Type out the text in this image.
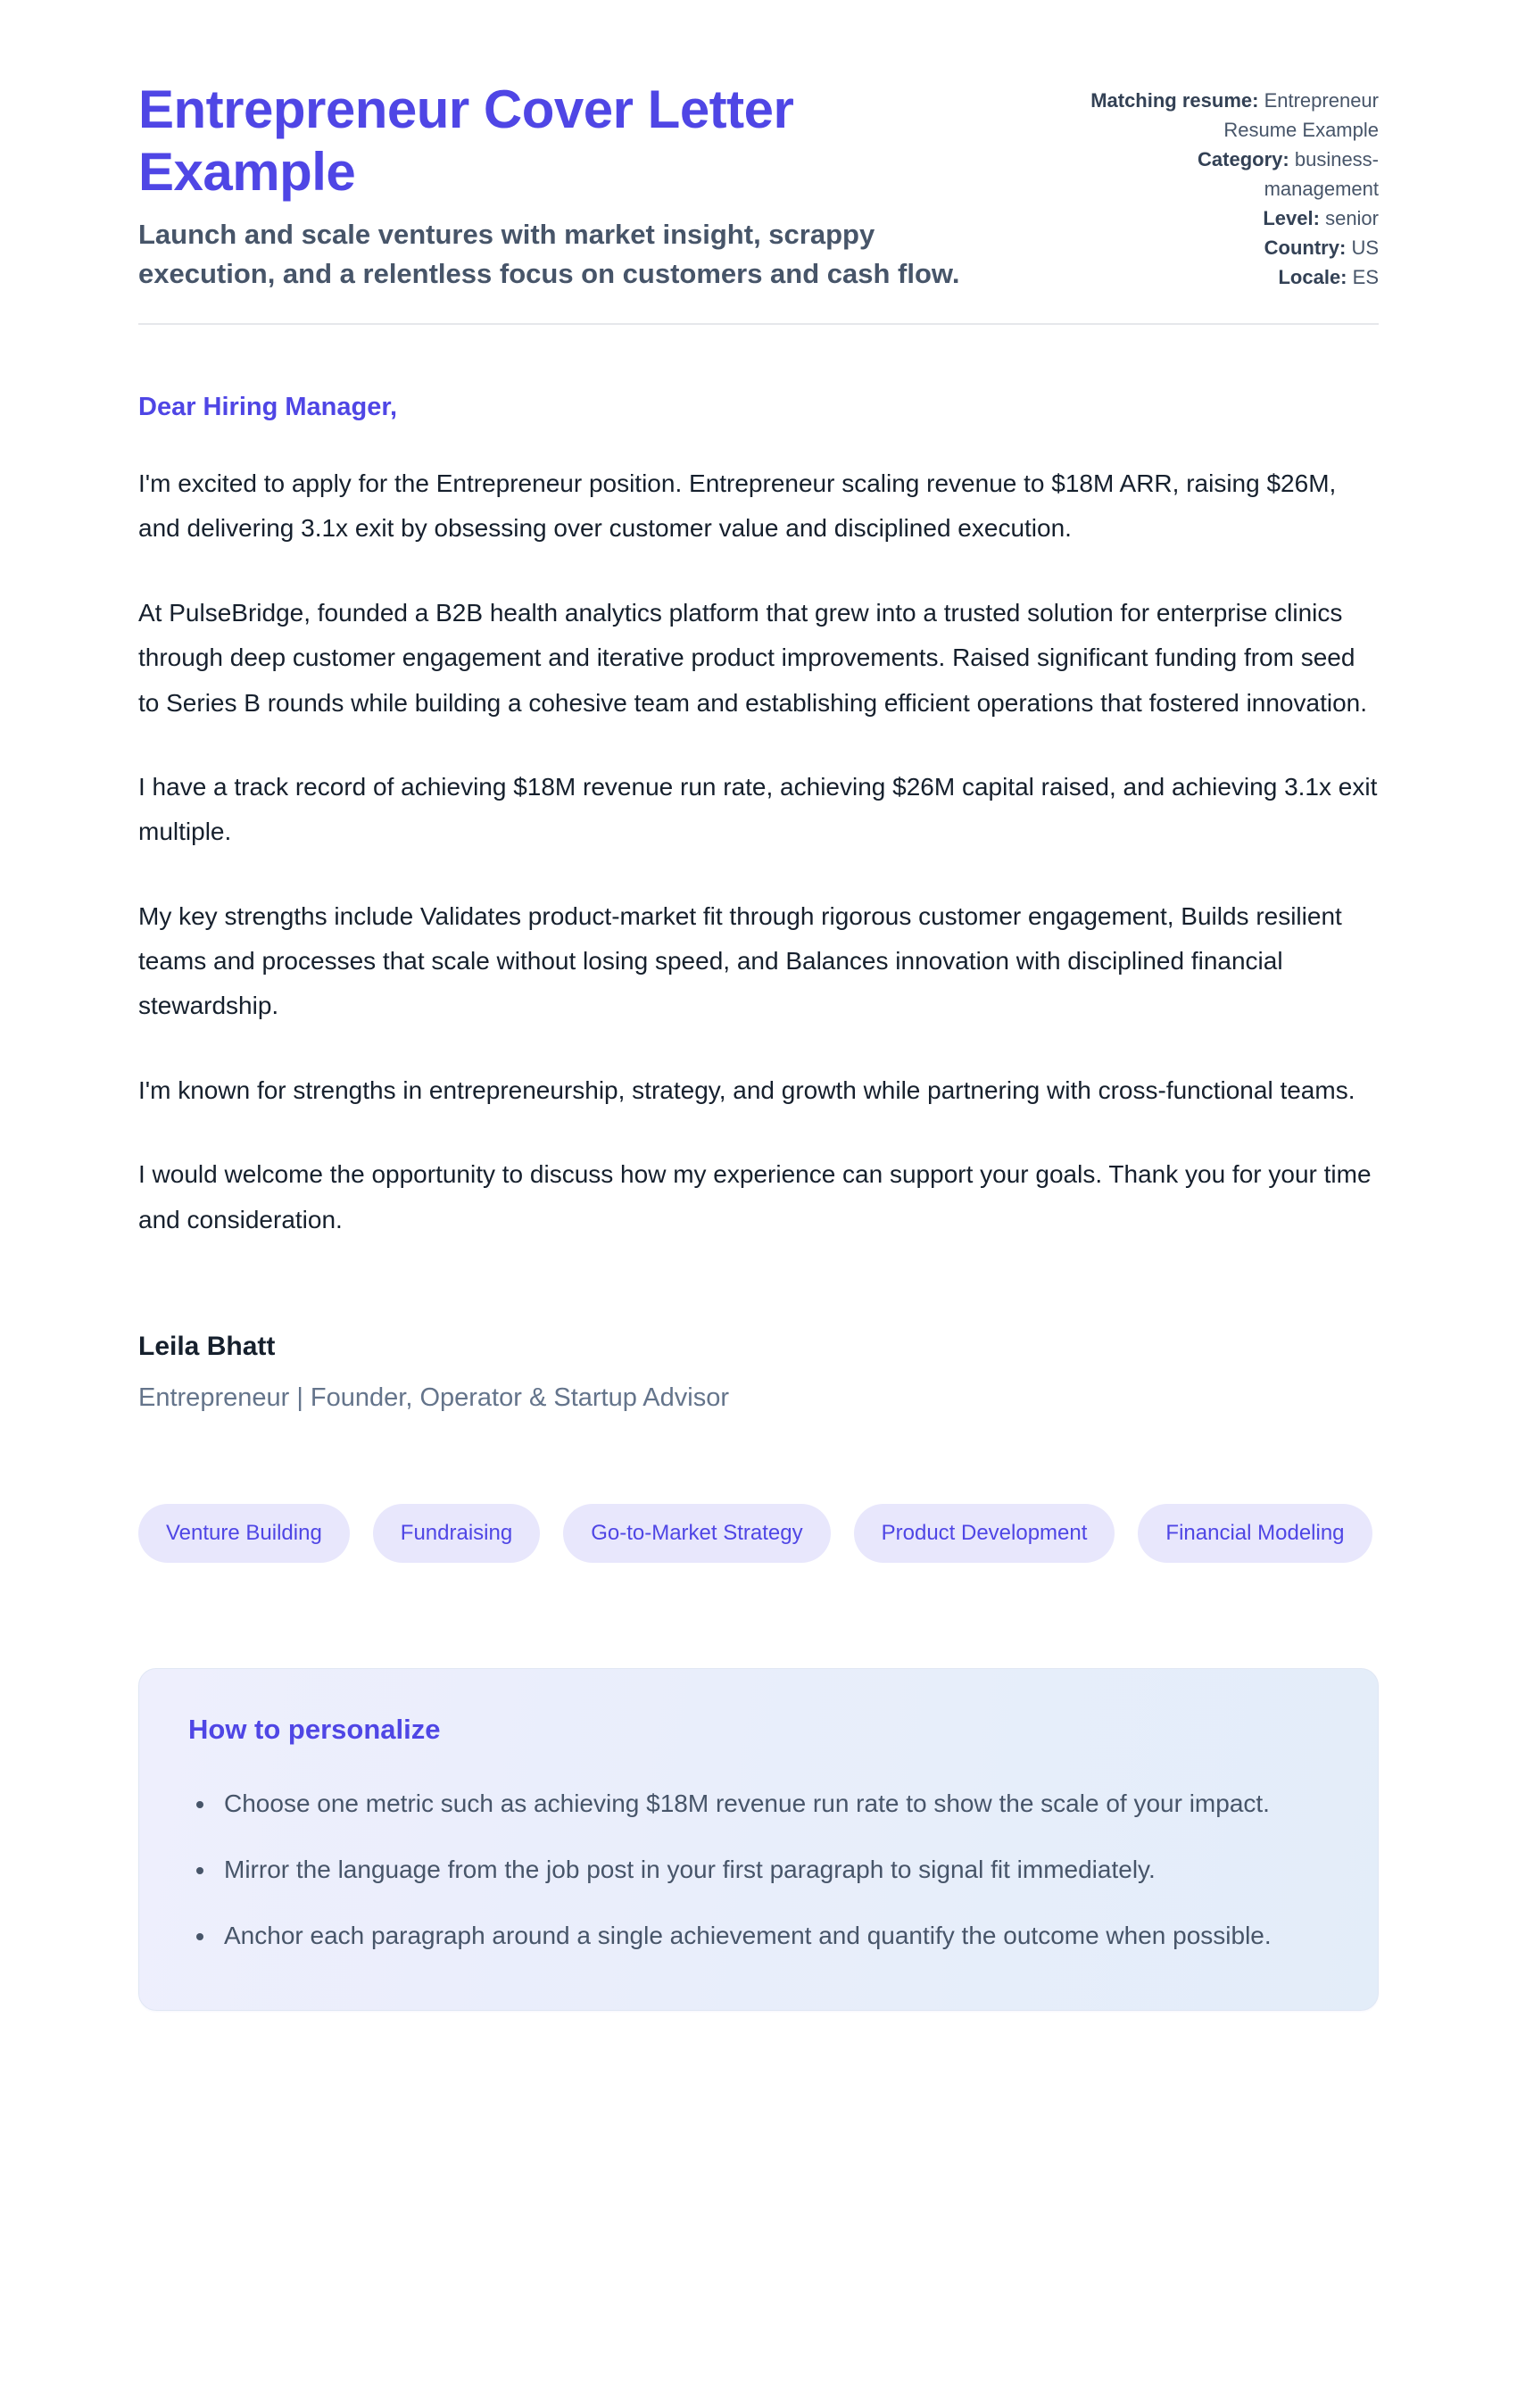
Entrepreneur Cover Letter Example

Launch and scale ventures with market insight, scrappy execution, and a relentless focus on customers and cash flow.

Matching resume: Entrepreneur Resume Example
Category: business-management
Level: senior
Country: US
Locale: ES

Dear Hiring Manager,

I'm excited to apply for the Entrepreneur position. Entrepreneur scaling revenue to $18M ARR, raising $26M, and delivering 3.1x exit by obsessing over customer value and disciplined execution.

At PulseBridge, founded a B2B health analytics platform that grew into a trusted solution for enterprise clinics through deep customer engagement and iterative product improvements. Raised significant funding from seed to Series B rounds while building a cohesive team and establishing efficient operations that fostered innovation.

I have a track record of achieving $18M revenue run rate, achieving $26M capital raised, and achieving 3.1x exit multiple.

My key strengths include Validates product-market fit through rigorous customer engagement, Builds resilient teams and processes that scale without losing speed, and Balances innovation with disciplined financial stewardship.

I'm known for strengths in entrepreneurship, strategy, and growth while partnering with cross-functional teams.

I would welcome the opportunity to discuss how my experience can support your goals. Thank you for your time and consideration.

Leila Bhatt

Entrepreneur | Founder, Operator & Startup Advisor

Venture Building	Fundraising	Go-to-Market Strategy	Product Development	Financial Modeling
How to personalize
• Choose one metric such as achieving $18M revenue run rate to show the scale of your impact.
• Mirror the language from the job post in your first paragraph to signal fit immediately.
• Anchor each paragraph around a single achievement and quantify the outcome when possible.
